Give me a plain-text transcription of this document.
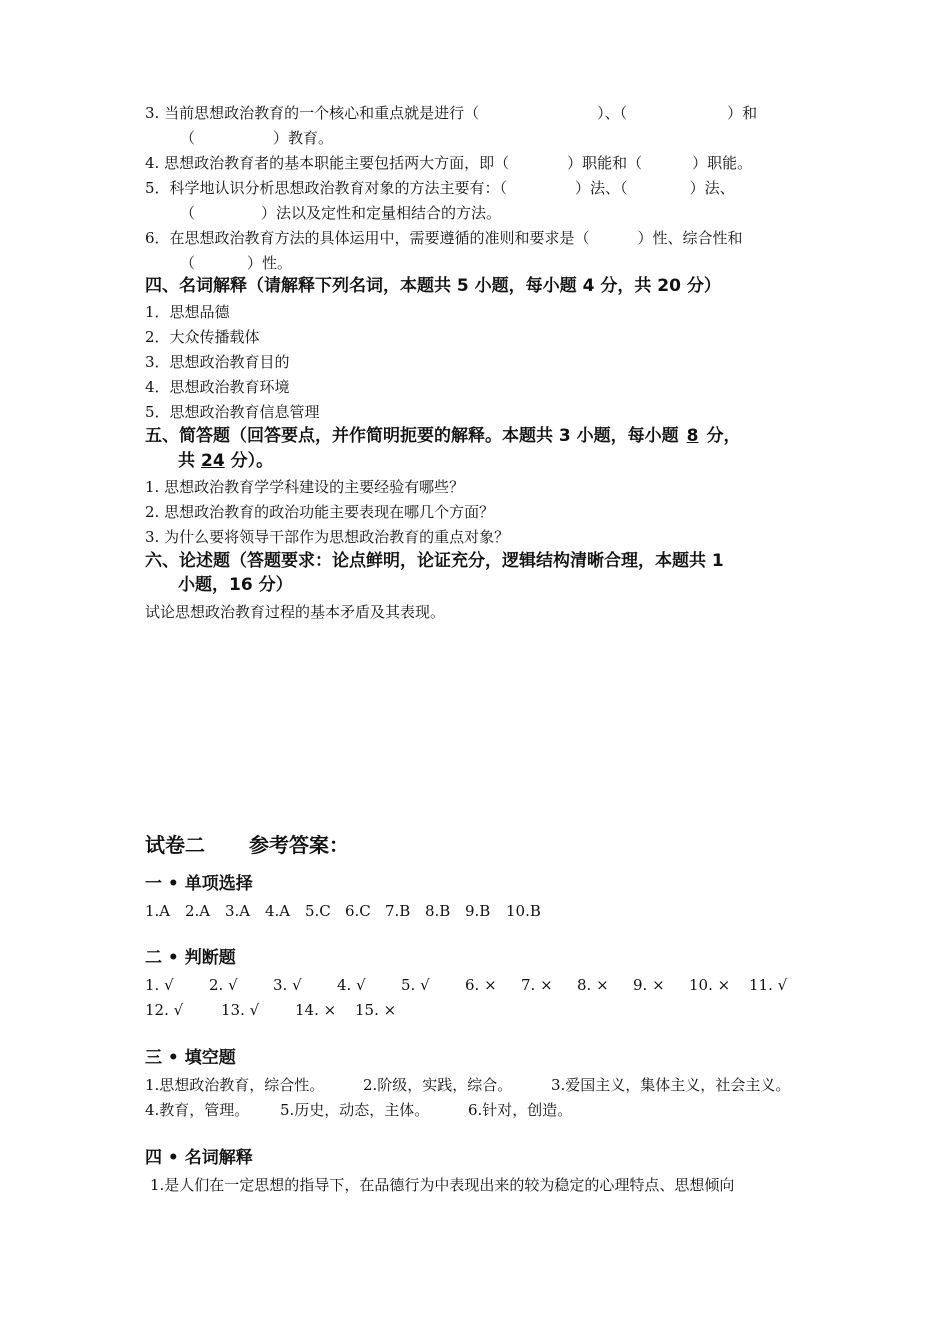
3. 当前思想政治教育的一个核心和重点就是进行（	）、（	）和
（	）教育。
4. 思想政治教育者的基本职能主要包括两大方面，即（	）职能和（	）职能。
5．科学地认识分析思想政治教育对象的方法主要有：（	）法、（	）法、
（	）法以及定性和定量相结合的方法。
6．在思想政治教育方法的具体运用中，需要遵循的准则和要求是（	）性、综合性和
（	）性。
四、名词解释（请解释下列名词，本题共 5 小题，每小题 4 分，共 20 分）
1．思想品德
2．大众传播载体
3．思想政治教育目的
4．思想政治教育环境
5．思想政治教育信息管理
五、简答题（回答要点，并作简明扼要的解释。本题共 3 小题，每小题 8 分，
共 24 分）。
1. 思想政治教育学学科建设的主要经验有哪些？
2. 思想政治教育的政治功能主要表现在哪几个方面？
3. 为什么要将领导干部作为思想政治教育的重点对象？
六、论述题（答题要求：论点鲜明，论证充分，逻辑结构清晰合理，本题共 1
小题，16 分）
试论思想政治教育过程的基本矛盾及其表现。
试卷二 参考答案：
一 • 单项选择
1.A 2.A 3.A 4.A 5.C 6.C 7.B 8.B 9.B 10.B
二 • 判断题
1. √ 2. √ 3. √ 4. √ 5. √ 6. × 7. × 8. × 9. × 10. × 11. √
12. √	13. √ 14. × 15. ×
三 • 填空题
1.思想政治教育，综合性。	2.阶级，实践，综合。	3.爱国主义，集体主义，社会主义。
4.教育，管理。 5.历史，动态，主体。	6.针对，创造。
四 • 名词解释
1.是人们在一定思想的指导下，在品德行为中表现出来的较为稳定的心理特点、思想倾向
